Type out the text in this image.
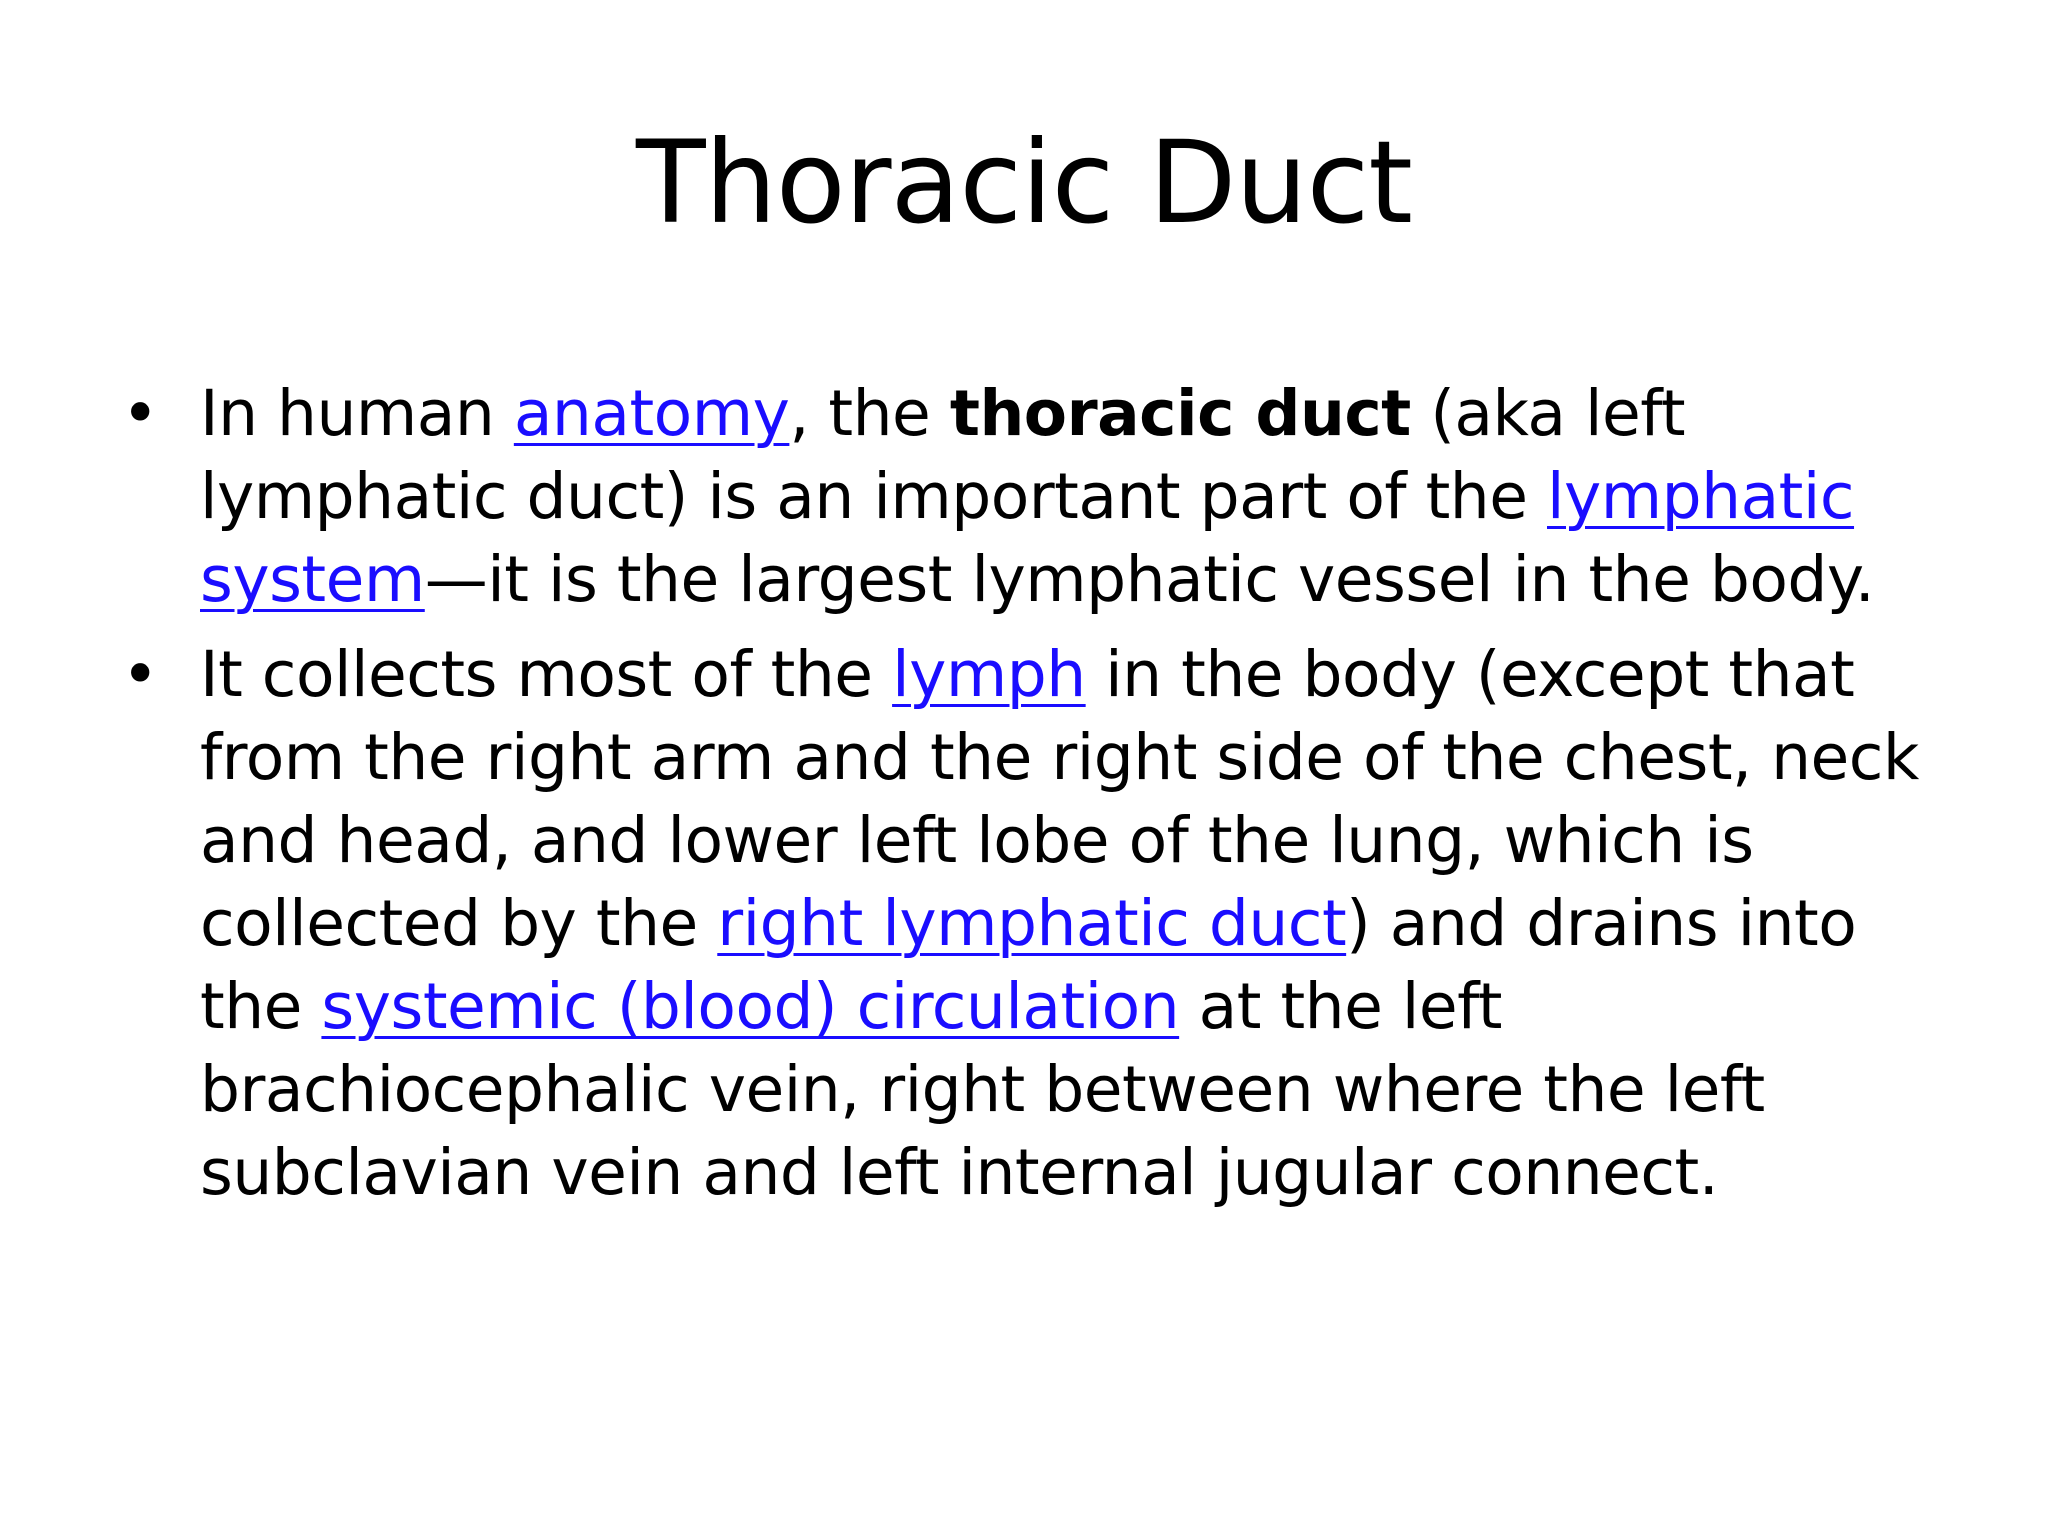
Thoracic Duct
• In human anatomy, the thoracic duct (aka left lymphatic duct) is an important part of the lymphatic system—it is the largest lymphatic vessel in the body.
• It collects most of the lymph in the body (except that from the right arm and the right side of the chest, neck and head, and lower left lobe of the lung, which is collected by the right lymphatic duct) and drains into the systemic (blood) circulation at the left brachiocephalic vein, right between where the left subclavian vein and left internal jugular connect.
